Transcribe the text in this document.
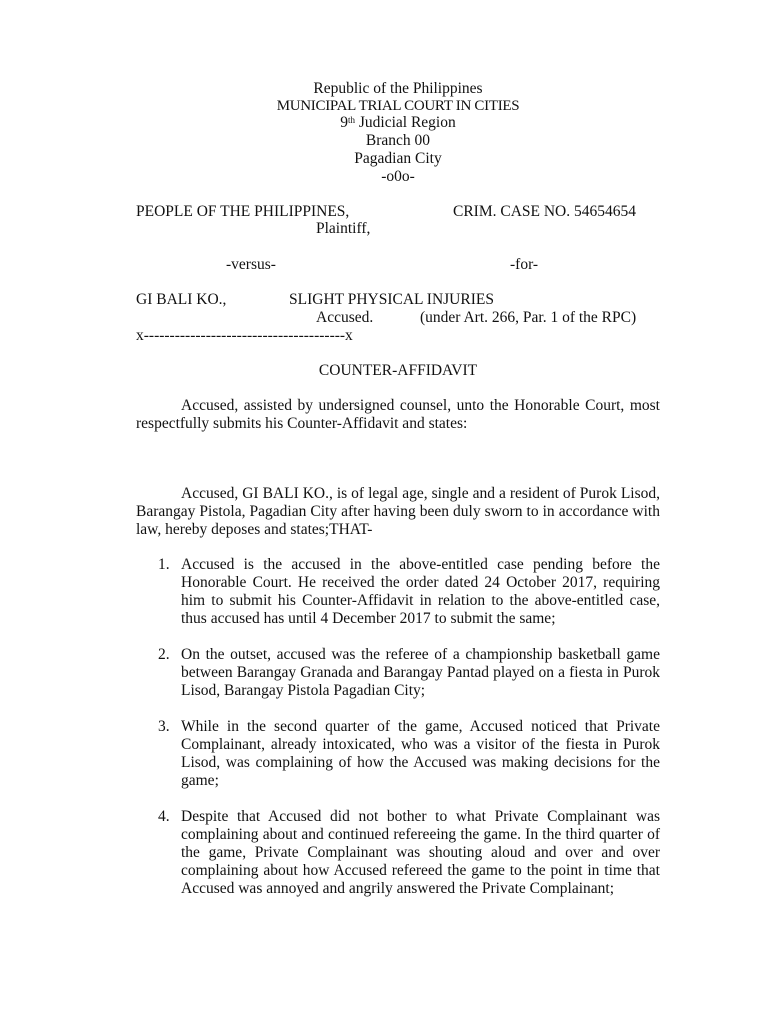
Republic of the Philippines
MUNICIPAL TRIAL COURT IN CITIES
9th Judicial Region
Branch 00
Pagadian City
-o0o-
PEOPLE OF THE PHILIPPINES,	CRIM. CASE NO. 54654654
Plaintiff,
-versus-	-for-
GI BALI KO.,	SLIGHT PHYSICAL INJURIES
Accused.	(under Art. 266, Par. 1 of the RPC)
x---------------------------------------x
COUNTER-AFFIDAVIT
Accused, assisted by undersigned counsel, unto the Honorable Court, most respectfully submits his Counter-Affidavit and states:
Accused, GI BALI KO., is of legal age, single and a resident of Purok Lisod, Barangay Pistola, Pagadian City after having been duly sworn to in accordance with law, hereby deposes and states;THAT-
1. Accused is the accused in the above-entitled case pending before the Honorable Court. He received the order dated 24 October 2017, requiring him to submit his Counter-Affidavit in relation to the above-entitled case, thus accused has until 4 December 2017 to submit the same;
2. On the outset, accused was the referee of a championship basketball game between Barangay Granada and Barangay Pantad played on a fiesta in Purok Lisod, Barangay Pistola Pagadian City;
3. While in the second quarter of the game, Accused noticed that Private Complainant, already intoxicated, who was a visitor of the fiesta in Purok Lisod, was complaining of how the Accused was making decisions for the game;
4. Despite that Accused did not bother to what Private Complainant was complaining about and continued refereeing the game. In the third quarter of the game, Private Complainant was shouting aloud and over and over complaining about how Accused refereed the game to the point in time that Accused was annoyed and angrily answered the Private Complainant;
